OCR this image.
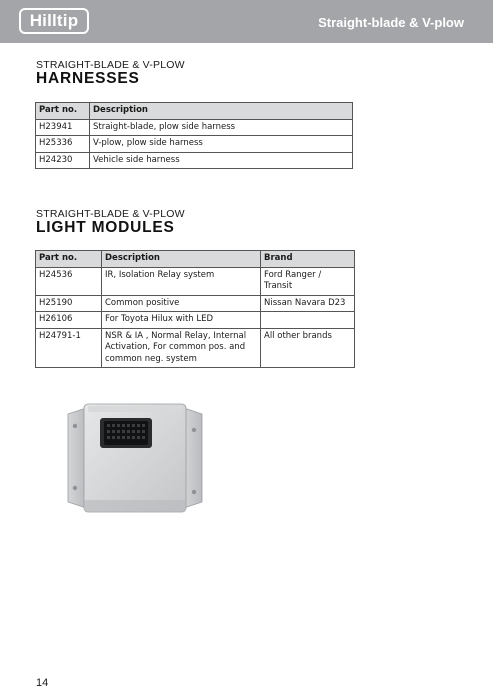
Hilltip	Straight-blade & V-plow
STRAIGHT-BLADE & V-PLOW
HARNESSES
Part no.	Description
H23941	Straight-blade, plow side harness
H25336	V-plow, plow side harness
H24230	Vehicle side harness
STRAIGHT-BLADE & V-PLOW
LIGHT MODULES
Part no.	Description	Brand
H24536	IR, Isolation Relay system	Ford Ranger / Transit
H25190	Common positive	Nissan Navara D23
H26106	For Toyota Hilux with LED	
H24791-1	NSR & IA , Normal Relay, Internal Activation, For common pos. and common neg. system	All other brands
14
